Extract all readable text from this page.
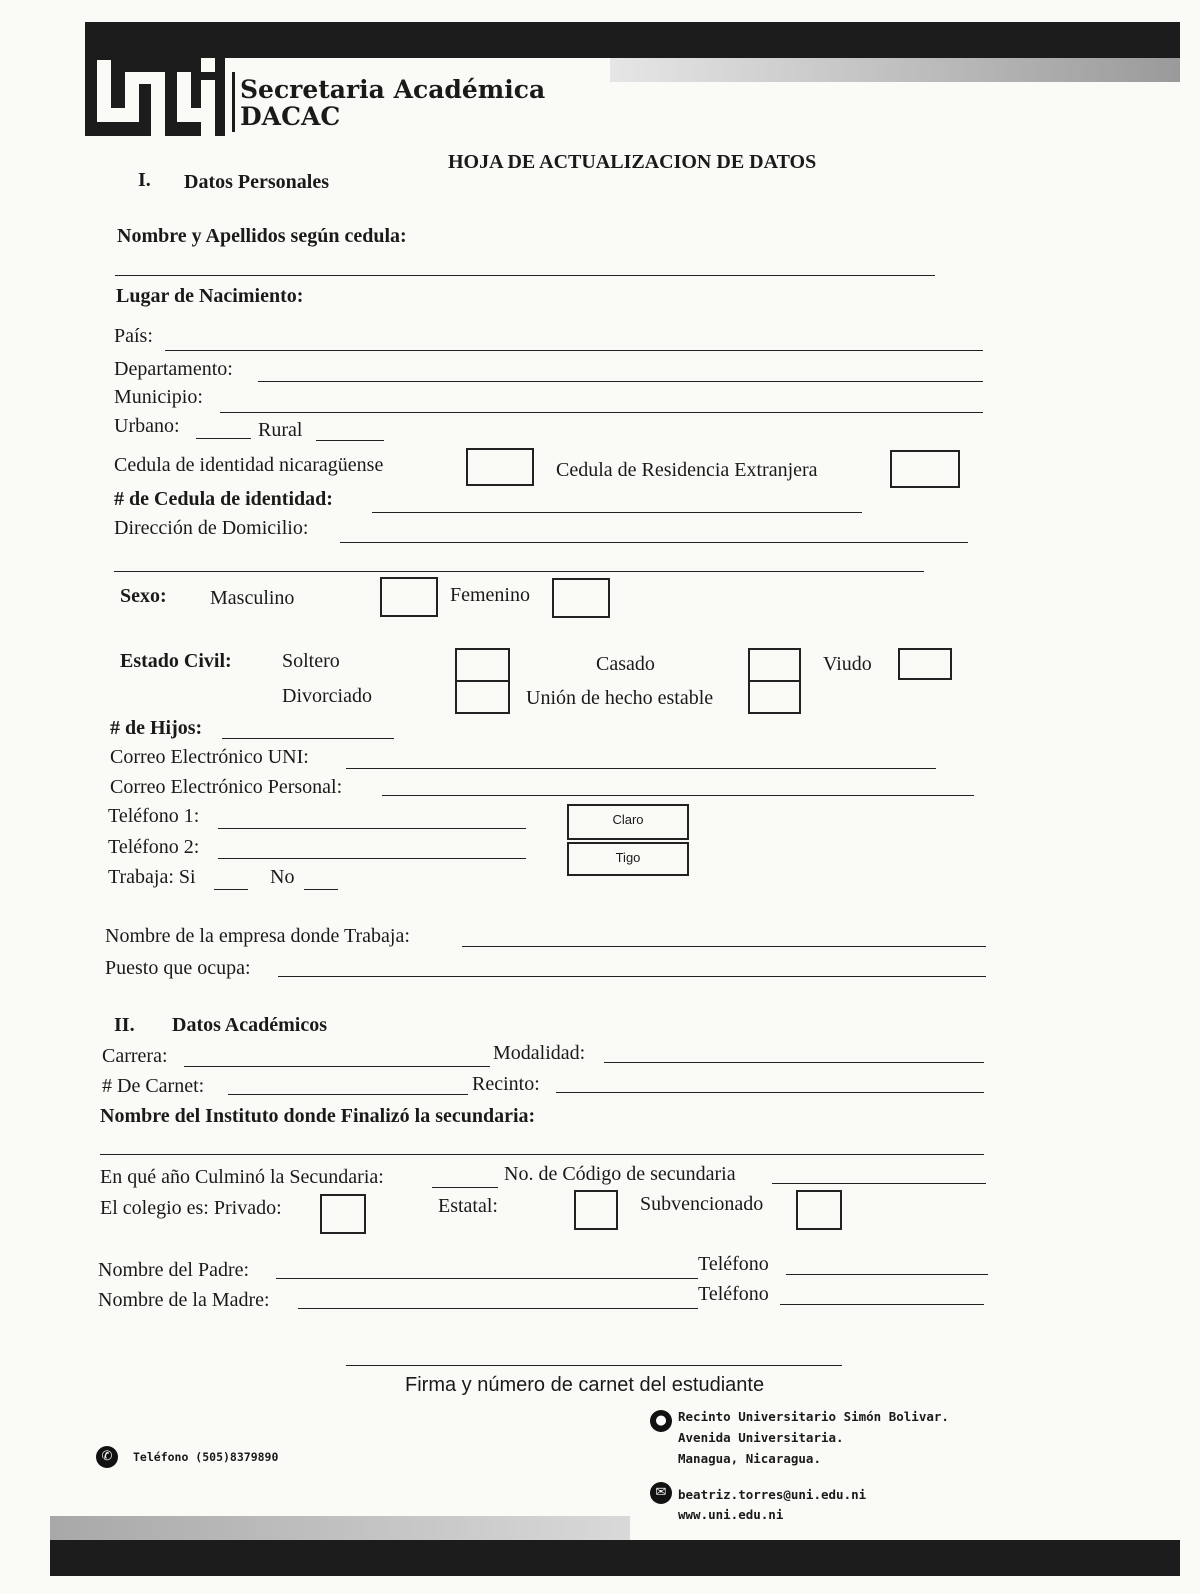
Secretaria Académica
DACAC
HOJA DE ACTUALIZACION DE DATOS
I. Datos Personales
Nombre y Apellidos según cedula:
Lugar de Nacimiento:
País:
Departamento:
Municipio:
Urbano:	Rural
Cedula de identidad nicaragüense	Cedula de Residencia Extranjera
# de Cedula de identidad:
Dirección de Domicilio:
Sexo: Masculino	Femenino
Estado Civil:	Soltero	Casado	Viudo
Divorciado	Unión de hecho estable
# de Hijos:
Correo Electrónico UNI:
Correo Electrónico Personal:
Teléfono 1:	Claro
Teléfono 2:	Tigo
Trabaja: Si	No
Nombre de la empresa donde Trabaja:
Puesto que ocupa:
II. Datos Académicos
Carrera:	Modalidad:
# De Carnet:	Recinto:
Nombre del Instituto donde Finalizó la secundaria:
En qué año Culminó la Secundaria:	No. de Código de secundaria
El colegio es: Privado:	Estatal:	Subvencionado
Nombre del Padre:	Teléfono
Nombre de la Madre:	Teléfono
Firma y número de carnet del estudiante
✆	Teléfono (505)8379890
● Recinto Universitario Simón Bolivar.
Avenida Universitaria.
Managua, Nicaragua.
✉ beatriz.torres@uni.edu.ni
www.uni.edu.ni
